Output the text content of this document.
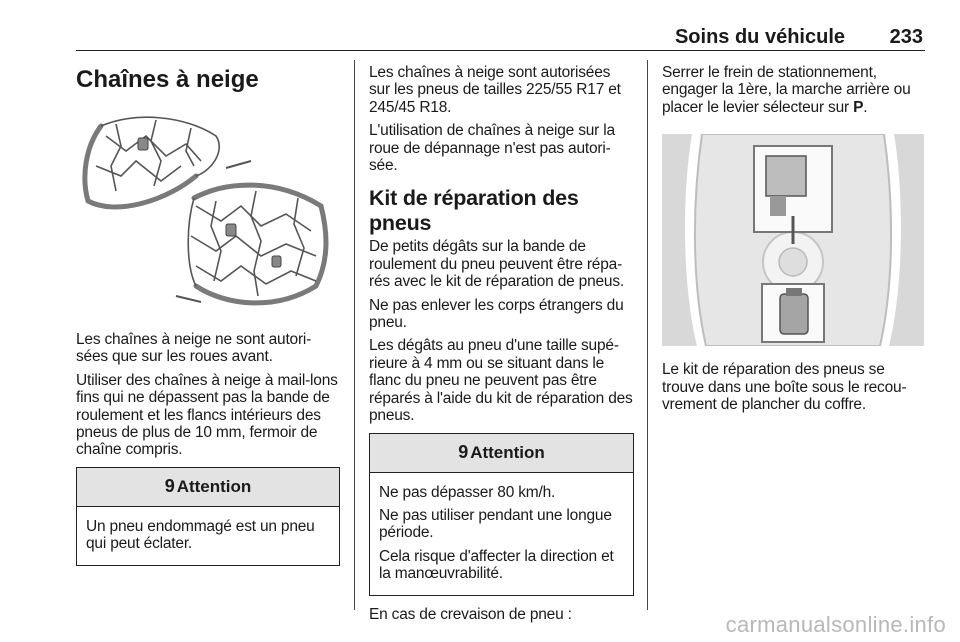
Soins du véhicule 233
Chaînes à neige

Les chaînes à neige ne sont autori-sées que sur les roues avant.

Utiliser des chaînes à neige à mail-lons fins qui ne dépassent pas la bande de roulement et les flancs intérieurs des pneus de plus de 10 mm, fermoir de chaîne compris.

9 Attention

Un pneu endommagé est un pneu qui peut éclater.

Les chaînes à neige sont autorisées sur les pneus de tailles 225/55 R17 et 245/45 R18.

L'utilisation de chaînes à neige sur la roue de dépannage n'est pas autori-sée.

Kit de réparation des pneus

De petits dégâts sur la bande de roulement du pneu peuvent être répa-rés avec le kit de réparation de pneus.

Ne pas enlever les corps étrangers du pneu.

Les dégâts au pneu d'une taille supé-rieure à 4 mm ou se situant dans le flanc du pneu ne peuvent pas être réparés à l'aide du kit de réparation des pneus.

9 Attention

Ne pas dépasser 80 km/h.

Ne pas utiliser pendant une longue période.

Cela risque d'affecter la direction et la manœuvrabilité.

En cas de crevaison de pneu :

Serrer le frein de stationnement, engager la 1ère, la marche arrière ou placer le levier sélecteur sur P.

Le kit de réparation des pneus se trouve dans une boîte sous le recou-vrement de plancher du coffre.

carmanualsonline.info
